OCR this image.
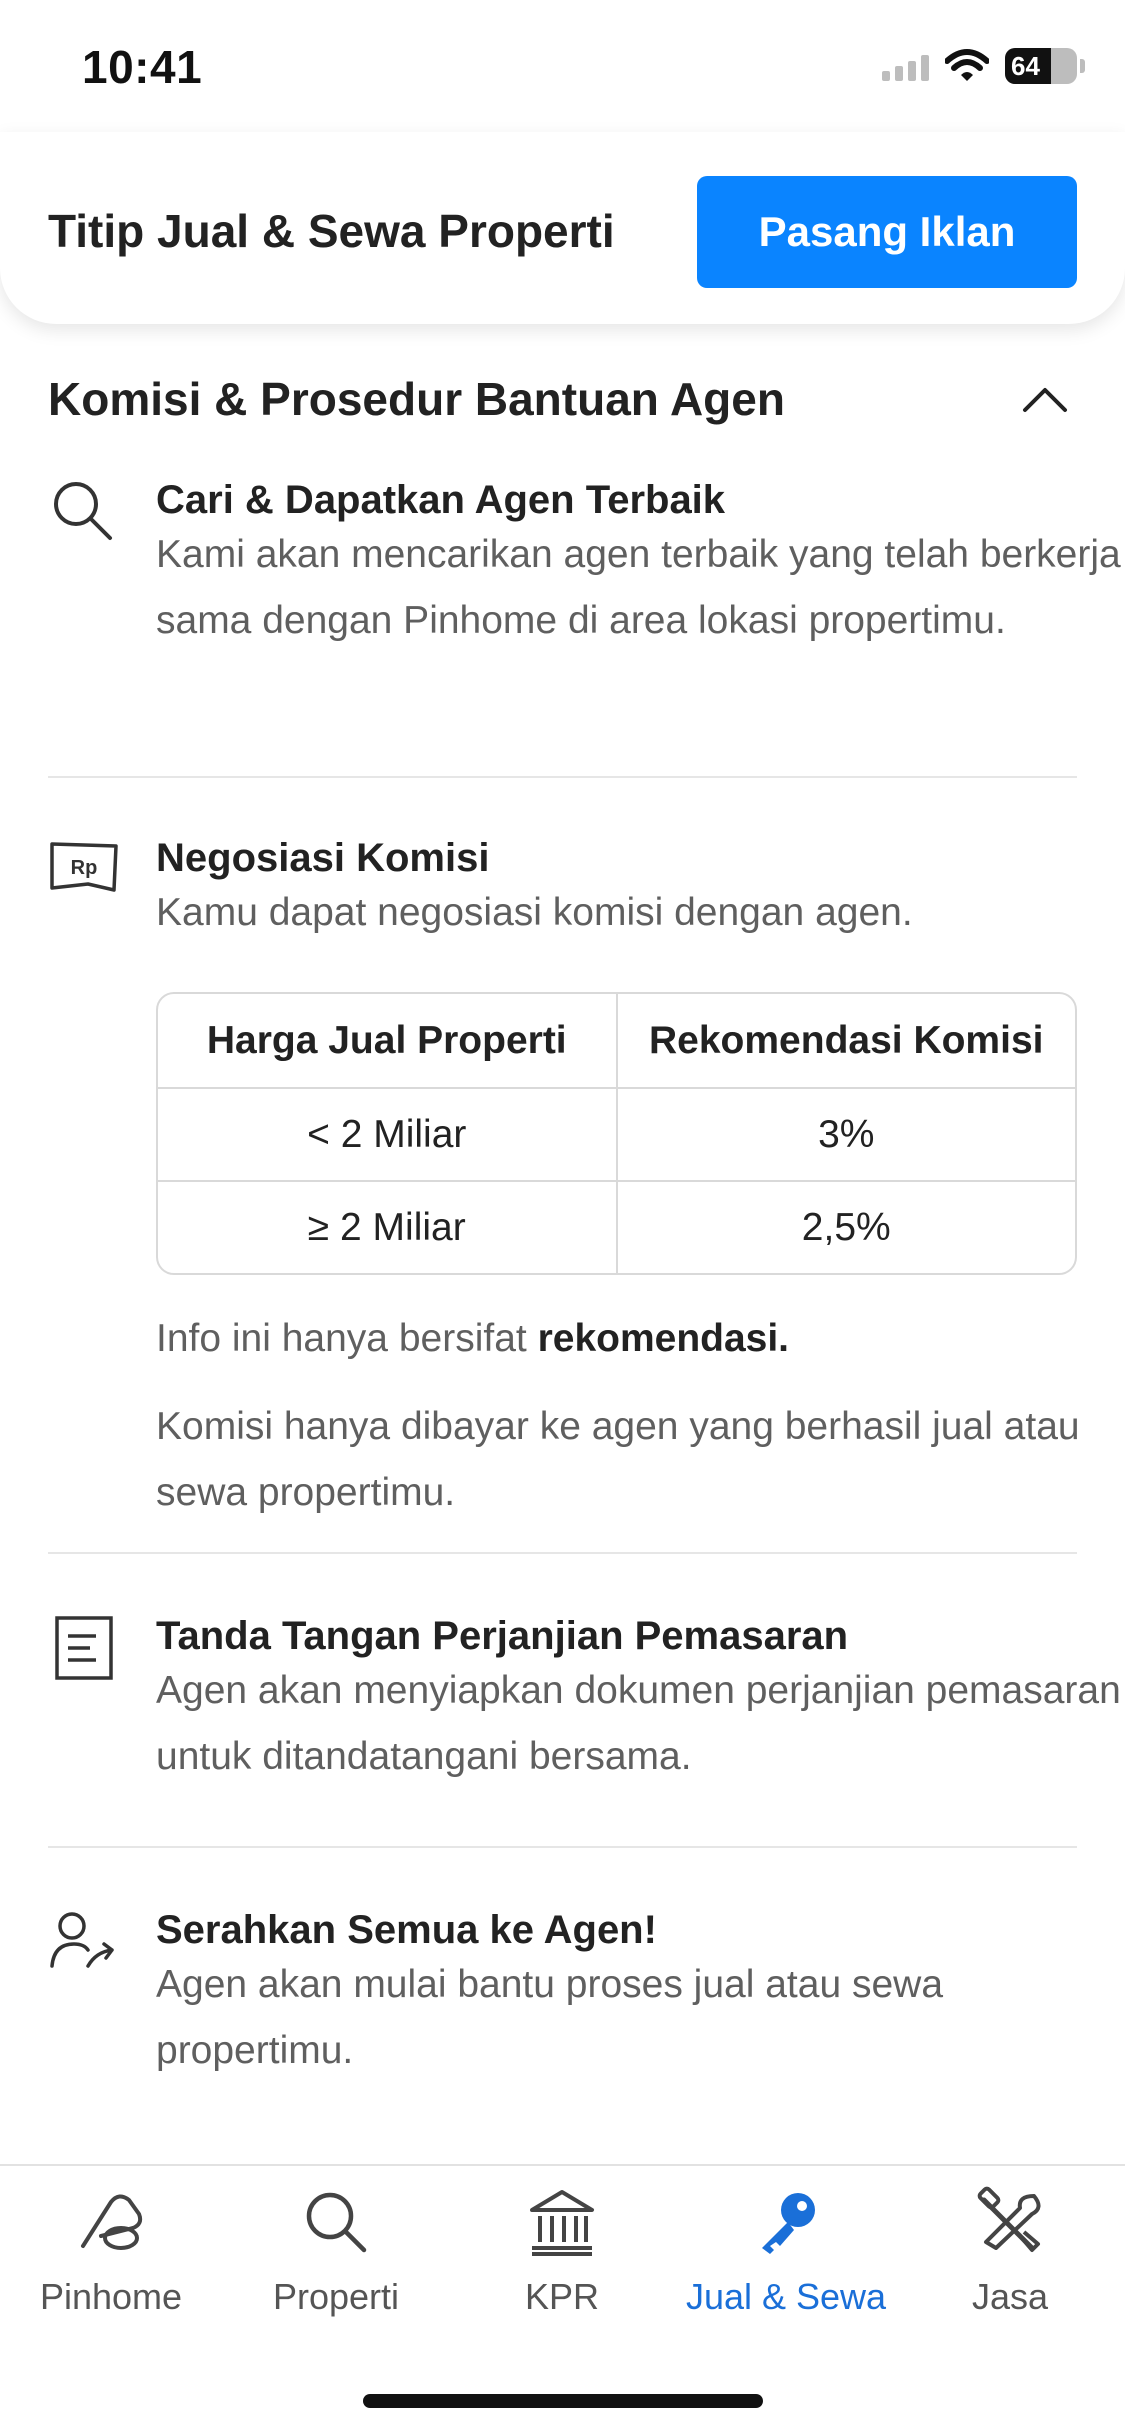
10:41	64
Titip Jual & Sewa Properti	Pasang Iklan
Komisi & Prosedur Bantuan Agen
Cari & Dapatkan Agen Terbaik
Kami akan mencarikan agen terbaik yang telah berkerja sama dengan Pinhome di area lokasi propertimu.
Rp Negosiasi Komisi
Kamu dapat negosiasi komisi dengan agen.
Harga Jual Properti	Rekomendasi Komisi
< 2 Miliar	3%
≥ 2 Miliar	2,5%
Info ini hanya bersifat rekomendasi.
Komisi hanya dibayar ke agen yang berhasil jual atau sewa propertimu.
Tanda Tangan Perjanjian Pemasaran
Agen akan menyiapkan dokumen perjanjian pemasaran untuk ditandatangani bersama.
Serahkan Semua ke Agen!
Agen akan mulai bantu proses jual atau sewa propertimu.
Pinhome	Properti	KPR Jual & Sewa Jasa
